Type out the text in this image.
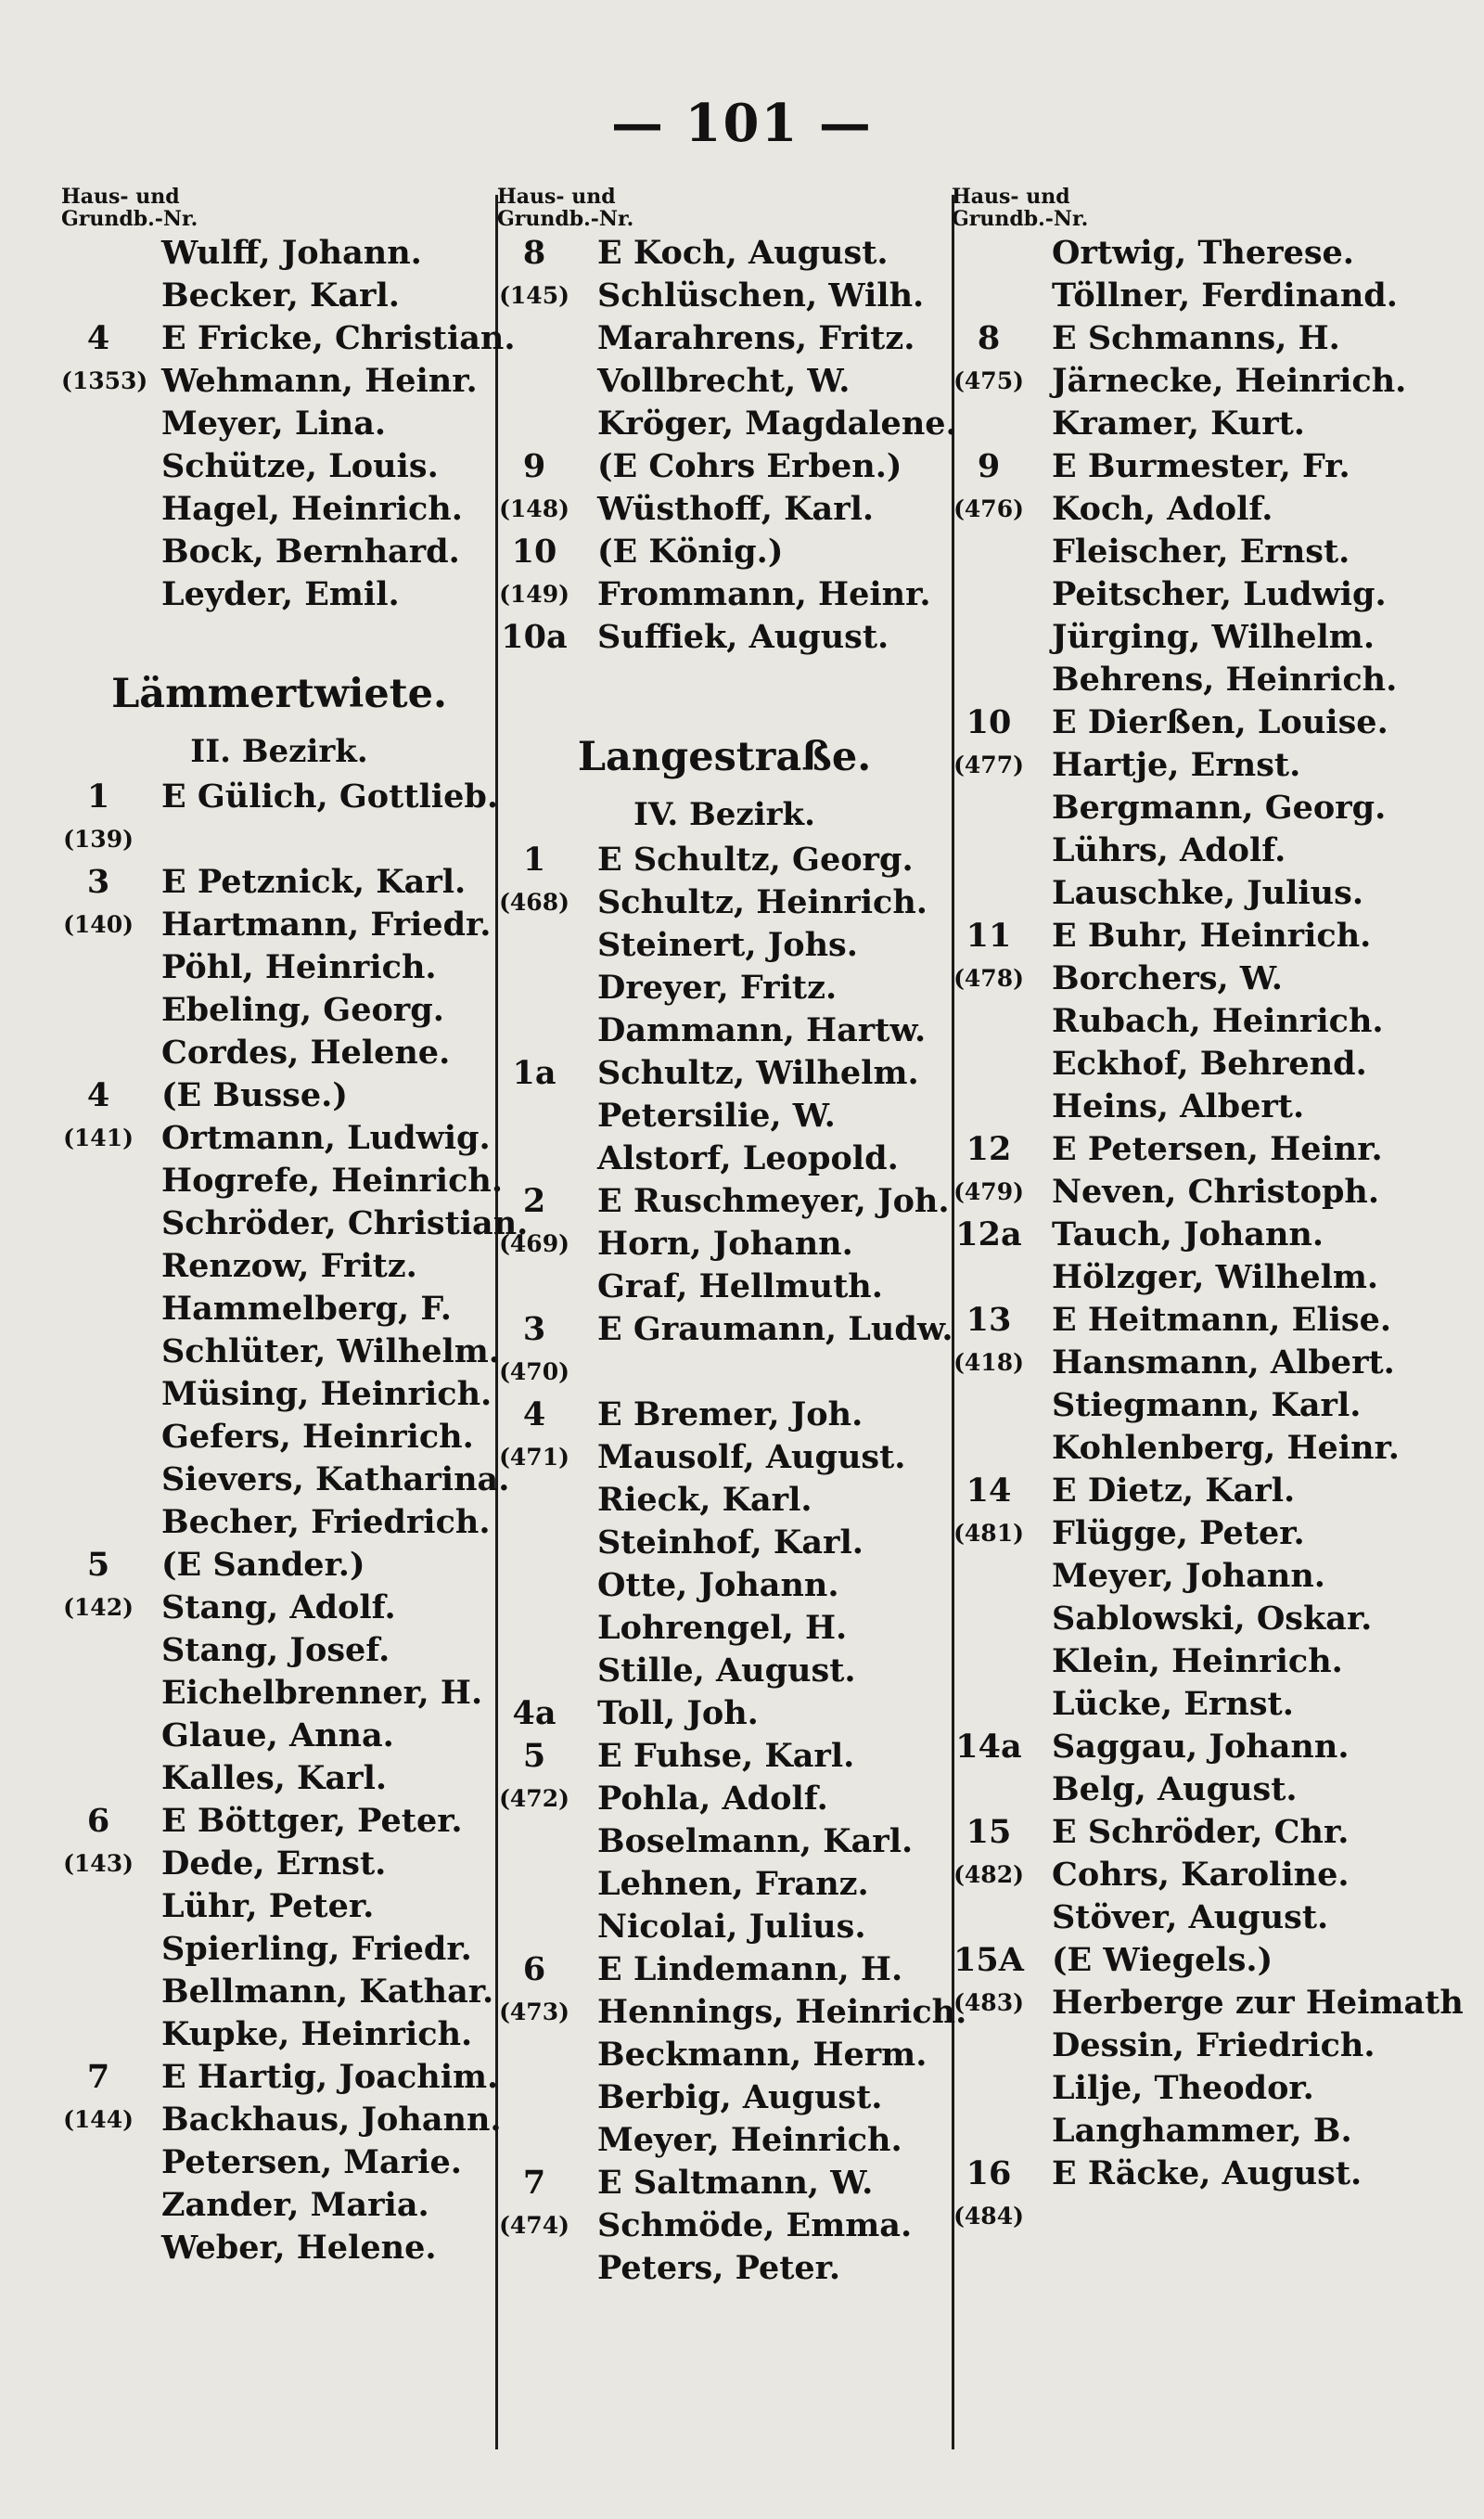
— 101 —
Haus- und
Grundb.-Nr.
Wulff, Johann.
Becker, Karl.
4	E Fricke, Christian.
(1353) Wehmann, Heinr.
Meyer, Lina.
Schütze, Louis.
Hagel, Heinrich.
Bock, Bernhard.
Leyder, Emil.
Lämmertwiete.
II. Bezirk.
1	E Gülich, Gottlieb.
(139)
3	E Petznick, Karl.
(140) Hartmann, Friedr.
Pöhl, Heinrich.
Ebeling, Georg.
Cordes, Helene.
4	(E Busse.)
(141) Ortmann, Ludwig.
Hogrefe, Heinrich.
Schröder, Christian.
Renzow, Fritz.
Hammelberg, F.
Schlüter, Wilhelm.
Müsing, Heinrich.
Gefers, Heinrich.
Sievers, Katharina.
Becher, Friedrich.
5	(E Sander.)
(142) Stang, Adolf.
Stang, Josef.
Eichelbrenner, H.
Glaue, Anna.
Kalles, Karl.
6	E Böttger, Peter.
(143) Dede, Ernst.
Lühr, Peter.
Spierling, Friedr.
Bellmann, Kathar.
Kupke, Heinrich.
7	E Hartig, Joachim.
(144) Backhaus, Johann.
Petersen, Marie.
Zander, Maria.
Weber, Helene.
Haus- und
Grundb.-Nr.
8	E Koch, August.
(145) Schlüschen, Wilh.
Marahrens, Fritz.
Vollbrecht, W.
Kröger, Magdalene.
9	(E Cohrs Erben.)
(148) Wüsthoff, Karl.
10	(E König.)
(149) Frommann, Heinr.
10a Suffiek, August.
Langestraße.
IV. Bezirk.
1	E Schultz, Georg.
(468) Schultz, Heinrich.
Steinert, Johs.
Dreyer, Fritz.
Dammann, Hartw.
1a	Schultz, Wilhelm.
Petersilie, W.
Alstorf, Leopold.
2	E Ruschmeyer, Joh.
(469) Horn, Johann.
Graf, Hellmuth.
3	E Graumann, Ludw.
(470)
4	E Bremer, Joh.
(471) Mausolf, August.
Rieck, Karl.
Steinhof, Karl.
Otte, Johann.
Lohrengel, H.
Stille, August.
4a	Toll, Joh.
5	E Fuhse, Karl.
(472) Pohla, Adolf.
Boselmann, Karl.
Lehnen, Franz.
Nicolai, Julius.
6	E Lindemann, H.
(473) Hennings, Heinrich.
Beckmann, Herm.
Berbig, August.
Meyer, Heinrich.
7	E Saltmann, W.
(474) Schmöde, Emma.
Peters, Peter.
Haus- und
Grundb.-Nr.
Ortwig, Therese.
Töllner, Ferdinand.
8	E Schmanns, H.
(475) Järnecke, Heinrich.
Kramer, Kurt.
9	E Burmester, Fr.
(476) Koch, Adolf.
Fleischer, Ernst.
Peitscher, Ludwig.
Jürging, Wilhelm.
Behrens, Heinrich.
10	E Dierßen, Louise.
(477) Hartje, Ernst.
Bergmann, Georg.
Lührs, Adolf.
Lauschke, Julius.
11	E Buhr, Heinrich.
(478) Borchers, W.
Rubach, Heinrich.
Eckhof, Behrend.
Heins, Albert.
12	E Petersen, Heinr.
(479) Neven, Christoph.
12a Tauch, Johann.
Hölzger, Wilhelm.
13	E Heitmann, Elise.
(418) Hansmann, Albert.
Stiegmann, Karl.
Kohlenberg, Heinr.
14	E Dietz, Karl.
(481) Flügge, Peter.
Meyer, Johann.
Sablowski, Oskar.
Klein, Heinrich.
Lücke, Ernst.
14a Saggau, Johann.
Belg, August.
15	E Schröder, Chr.
(482) Cohrs, Karoline.
Stöver, August.
15A (E Wiegels.)
(483) Herberge zur Heimath
Dessin, Friedrich.
Lilje, Theodor.
Langhammer, B.
16	E Räcke, August.
(484)
